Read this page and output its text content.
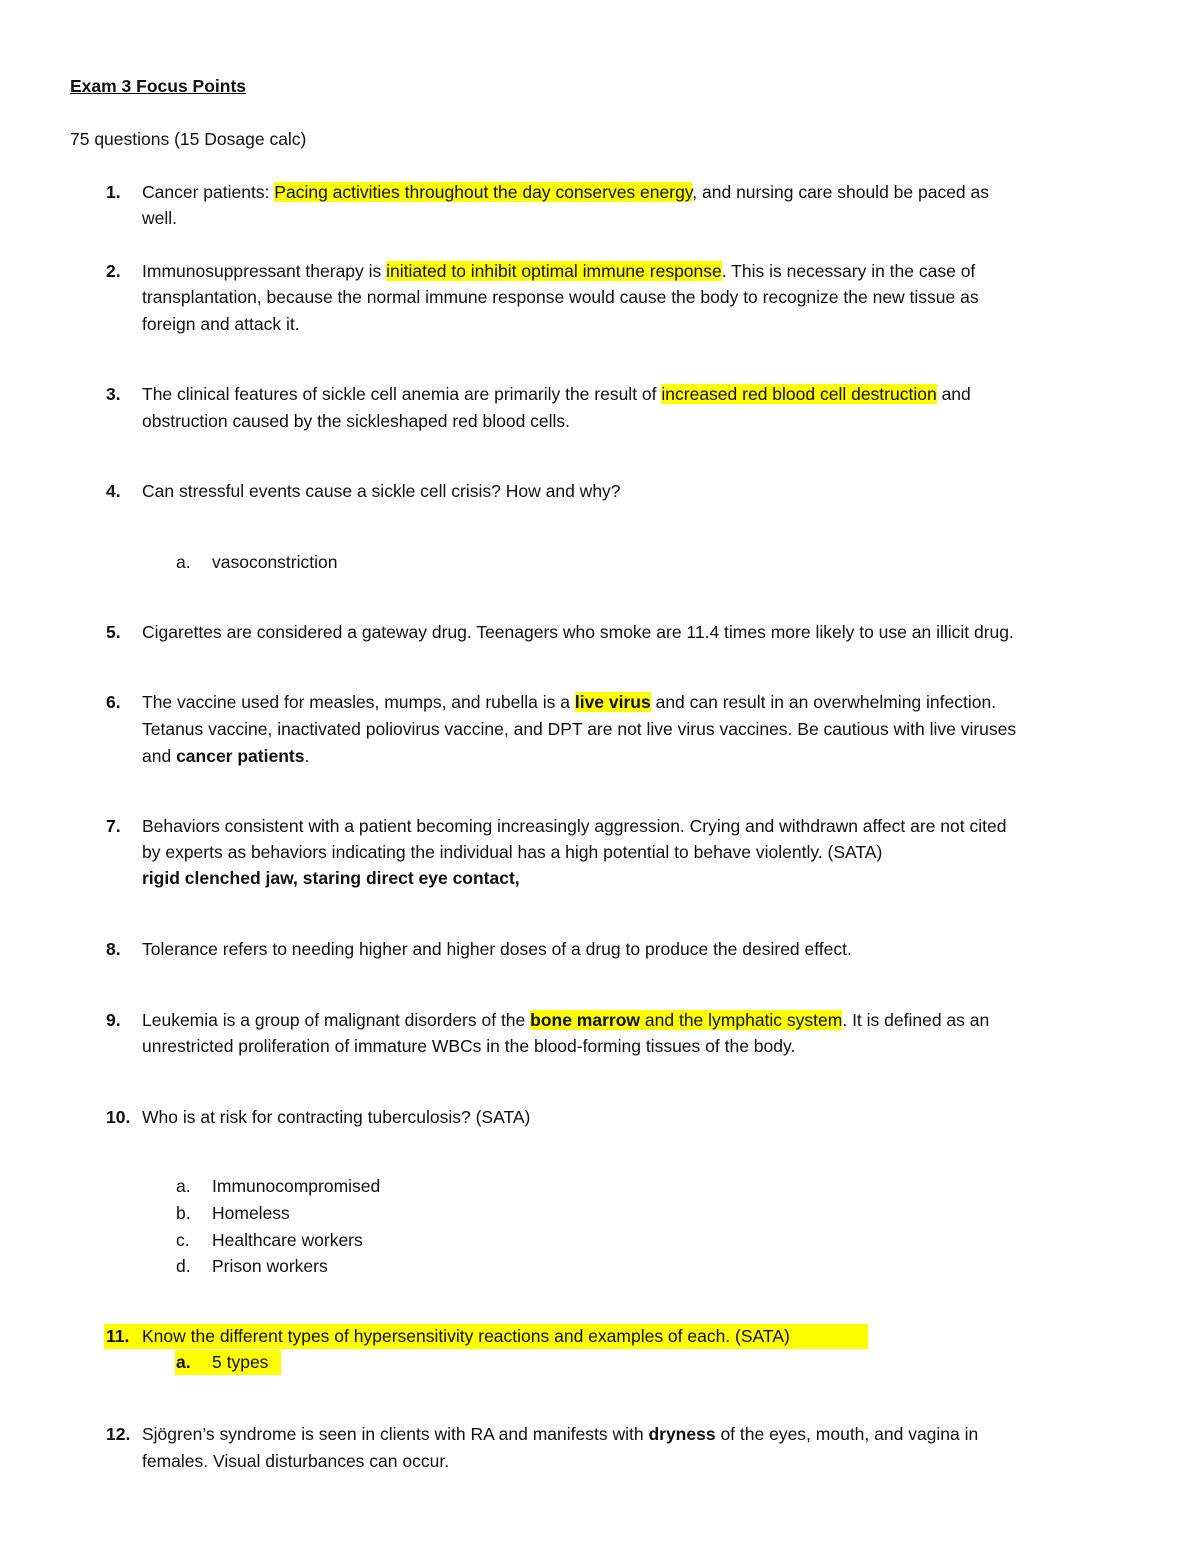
Exam 3 Focus Points
75 questions (15 Dosage calc)
1. Cancer patients: Pacing activities throughout the day conserves energy, and nursing care should be paced as
well.
2. Immunosuppressant therapy is initiated to inhibit optimal immune response. This is necessary in the case of
transplantation, because the normal immune response would cause the body to recognize the new tissue as
foreign and attack it.
3. The clinical features of sickle cell anemia are primarily the result of increased red blood cell destruction and
obstruction caused by the sickleshaped red blood cells.
4. Can stressful events cause a sickle cell crisis? How and why?
a. vasoconstriction
5. Cigarettes are considered a gateway drug. Teenagers who smoke are 11.4 times more likely to use an illicit drug.
6. The vaccine used for measles, mumps, and rubella is a live virus and can result in an overwhelming infection.
Tetanus vaccine, inactivated poliovirus vaccine, and DPT are not live virus vaccines. Be cautious with live viruses
and cancer patients.
7. Behaviors consistent with a patient becoming increasingly aggression. Crying and withdrawn affect are not cited
by experts as behaviors indicating the individual has a high potential to behave violently. (SATA)
rigid clenched jaw, staring direct eye contact,
8. Tolerance refers to needing higher and higher doses of a drug to produce the desired effect.
9. Leukemia is a group of malignant disorders of the bone marrow and the lymphatic system. It is defined as an
unrestricted proliferation of immature WBCs in the blood-forming tissues of the body.
10. Who is at risk for contracting tuberculosis? (SATA)
a. Immunocompromised
b. Homeless
c. Healthcare workers
d. Prison workers
11. Know the different types of hypersensitivity reactions and examples of each. (SATA)
a. 5 types
12. Sjögren’s syndrome is seen in clients with RA and manifests with dryness of the eyes, mouth, and vagina in
females. Visual disturbances can occur.
